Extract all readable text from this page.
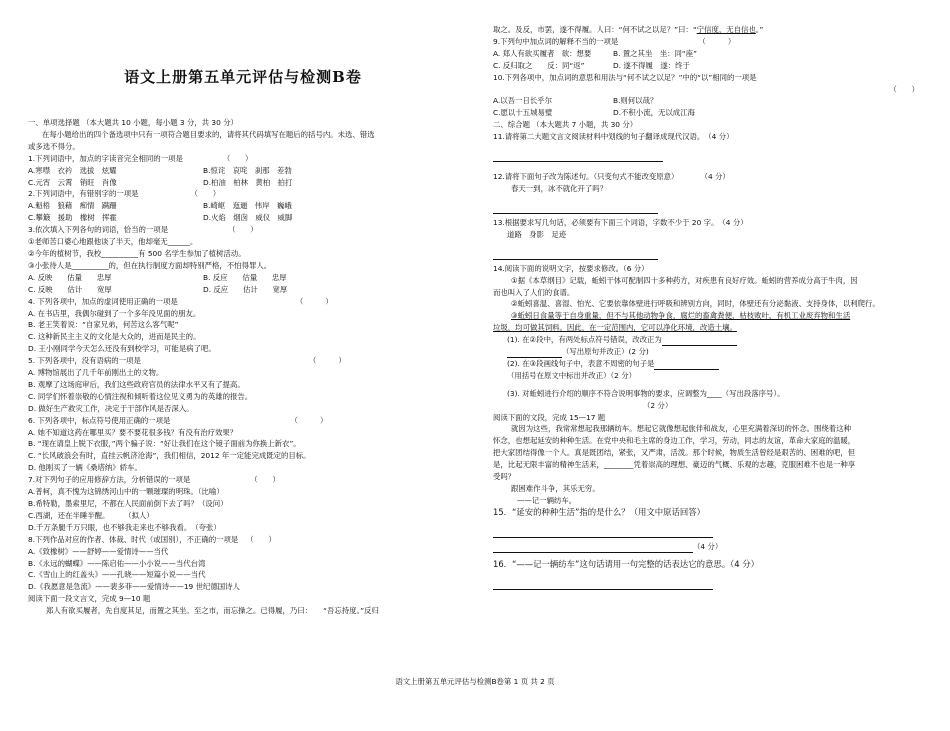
语文上册第五单元评估与检测B卷
一、单项选择题 （本大题共 10 小题，每小题 3 分，共 30 分）
在每小题给出的四个备选项中只有一项符合题目要求的，请将其代码填写在题后的括号内。未选、错选
或多选不得分。
1.下列词语中，加点的字读音完全相同的一项是	（　　）
A.寒噤　衣衿　选拔　炫耀	B.惊诧　哀咤　刹那　差勃
C.元宵　云霄　销旺　肖像	D.柏油　柏林　黄柏　拍打
2.下列词语中，有错别字的一项是	（　　）
A.魁梧　狼藉　痴情　蹒跚	B.崎岖　迤逦　伟岸　巍峨
C.攀簸　援助　橡树　挥霍	D.火焰　烟囱　威仪　威脚
3.依次填入下列各句的词语，恰当的一项是	（　　）
①老师苦口婆心地跟他谈了半天，他却毫无______。
②今年的植树节，我校__________有 500 名学生参加了植树活动。
③小张待人是__________的，但在执行制度方面却特别严格，不怕得罪人。
A. 反映　　估量　　忠厚	B. 反应　　估量　　忠厚
C. 反映　　估计　　宽厚	D. 反应　　估计　　宽厚
4. 下列各项中，加点的虚词使用正确的一项是	（　　　）
A. 在书店里，我偶尔碰到了一个多年没见面的朋友。
B. 老王笑着说：“自家兄弟，何苦这么客气呢”
C. 这种新民主主义的文化是大众的，进而是民主的。
D. 王小刚同学今天怎么还没有到校学习，可能是病了吧。
5. 下列各项中，没有语病的一项是	（　　　）
A. 博物馆展出了几千年前刚出土的文物。
B. 观摩了这场庭审后，我们这些政府官员的法律水平又有了提高。
C. 同学们怀着崇敬的心情注视和倾听着这位见义勇为的英雄的报告。
D. 做好生产救灾工作，决定于干部作风是否深入。
6. 下列各项中，标点符号使用正确的一项是	（　　　）
A. 她不知道这药在哪里买？要不要花很多钱？有没有治疗效果？
B. “现在请皇上脱下衣服，”两个骗子说：“好让我们在这个镜子面前为你换上新衣”。
C. “长风破浪会有时，直挂云帆济沧海”，我们相信，2012 年一定能完成既定的目标。
D. 他刚买了一辆《桑塔纳》轿车。
7.对下列句子的应用修辞方法，分析错误的一项是	（　　）
A.普柯，真不愧为这锦绣河山中的一颗璀璨的明珠。（比喻）
B.希特勒，墨索里尼，不都在人民面前倒下去了吗？（设问）
C.西湖，还在半睡半醒。　　　（拟人）
D.千万条腿千万只眼，也不够我走来也不够我看。　（夸张）
8.下列作品对应的作者、体裁、时代（或国别），不正确的一项是 （　　）
A.《致橡树》——舒婷——爱情诗——当代
B.《永远的蝴蝶》——陈启佑——小小说——当代台湾
C.《雪山上的红盖头》——孔晓——短篇小说——当代
D.《我愿意是急流》——裴多菲——爱情诗——19 世纪德国诗人
阅读下面一段文言文，完成 9—10 题
郑人有欲买履者，先自度其足，而置之其坐。至之市，而忘操之。已得履，乃曰：　　“吾忘持度。”反归
取之。及反，市罢，遂不得履。人曰：“何不试之以足？”曰：“宁信度，无自信也。”
9.下列句中加点词的解释不当的一项是	（　　　）
A. 郑人有欲买履者　欲：想要	B. 置之其坐　坐：同“座”
C. 反归取之　　反：同“返”	D. 遂不得履　遂：终于
10.下列各项中，加点词的意思和用法与“何不试之以足？”中的“以”相同的一项是
（　　）
A.以吾一日长乎尔	B.则何以哉？
C.愿以十五城易璧	D.不积小流，无以成江海
二、综合题 （本大题共 7 小题，共 30 分）
11.请将第二大题文言文阅读材料中划线的句子翻译成现代汉语。　（4 分）
12.请将下面句子改为陈述句。（只变句式不能改变原意）　　　　（4 分）
春天一到，冰不就化开了吗？
13.根据要求写几句话，必须要有下面三个词语，字数不少于 20 字。　（4 分）
道路　身影　足迹
14.阅读下面的说明文字，按要求修改。（6 分）
①据《本草纲目》记载，蚯蚓干体可配制四十多种药方，对疾患有良好疗效。蚯蚓的营养成分高于牛肉，因
而也叫入了人们的食谱。
②蚯蚓喜温、喜湿、怕光、它要依靠体壁进行呼吸和辨别方向，同时，体壁还有分泌黏液、支持身体，以利爬行。
③蚯蚓日食量等于自身重量，但不与其他动物争食，腐烂的畜禽粪便，枯枝败叶，有机工业废弃物和生活
垃圾，均可做其饲料。因此，在一定范围内，它可以净化环境，改造土壤。
(1). 在②段中，有两处标点符号错误，改改正为
（写出原句并改正）(2 分)
(2). 在③段画线句子中，表意不周密的句子是
（用括号在原文中标出并改正）（2 分）
(3). 对蚯蚓进行介绍的顺序不符合说明事物的要求，应调整为____（写出段落序号）。
（2 分）
阅读下面的文段，完成 15—17 题
就因为这些，我常常想起我那辆纺车。想起它就像想起旅伴和战友，心里充满着深切的怀念。围绕着这种
怀念，也想起延安的种种生活。在党中央和毛主席的身边工作，学习，劳动，同志的友谊，革命大家庭的温暖，
把大家团结得像一个人。真是既团结，紧张，又严肃，活泼。那个时候，物质生活曾经是艰苦的、困难的吧，但
是，比起无限丰富的精神生活来，________凭着崇高的理想、豪迈的气概、乐观的志趣，克服困难不也是一种享
受吗？
跟困难作斗争，其乐无穷。
——记一辆纺车。
15．“延安的种种生活”指的是什么？（用文中原话回答）
（4 分）
16．“——记一辆纺车”这句话请用一句完整的话表达它的意思。（4 分）
语文上册第五单元评估与检测B卷第 1 页 共 2 页
